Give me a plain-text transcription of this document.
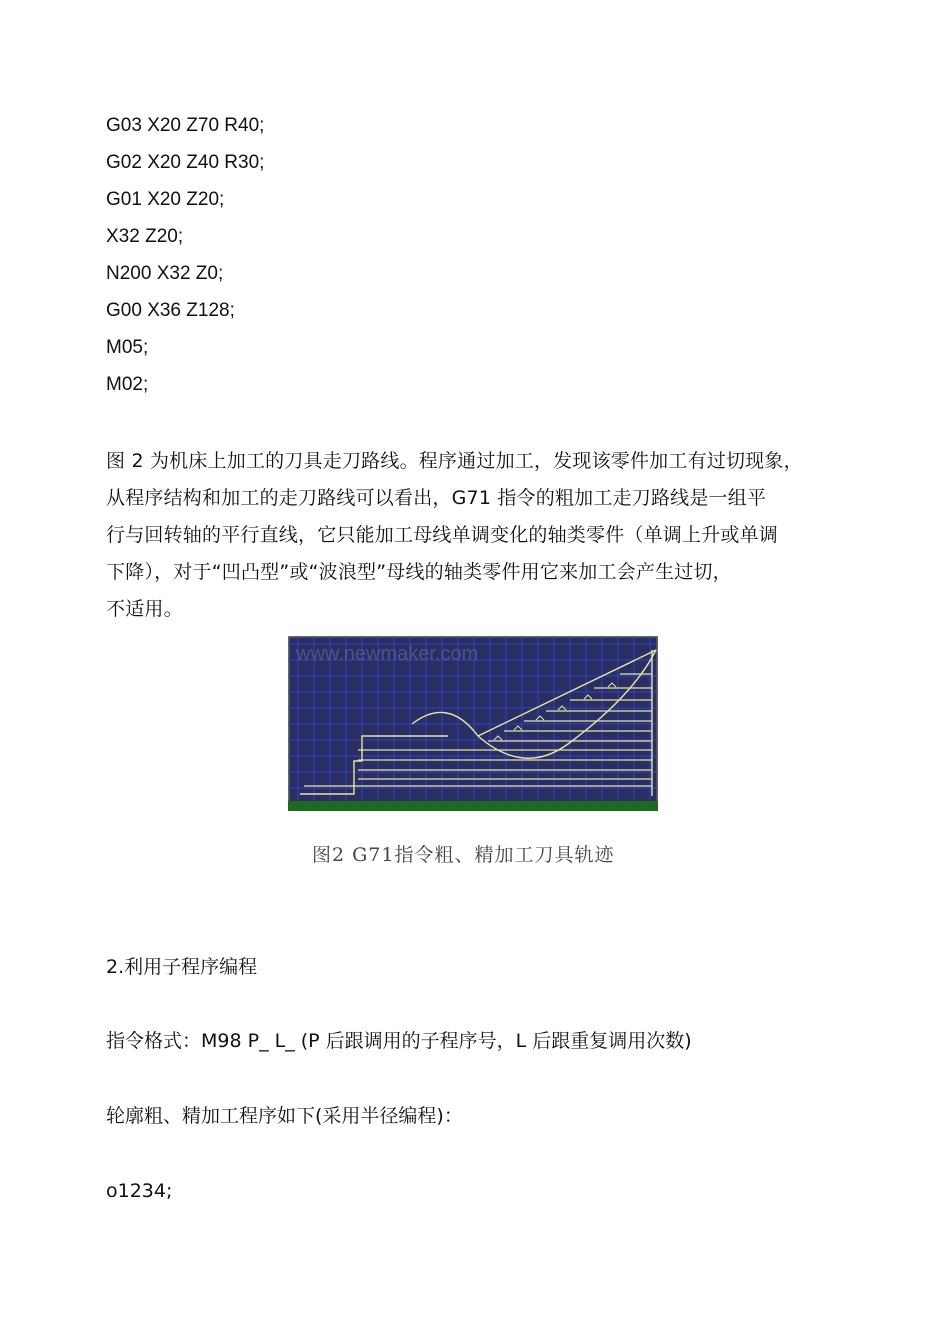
G03 X20 Z70 R40;
G02 X20 Z40 R30;
G01 X20 Z20;
X32 Z20;
N200 X32 Z0;
G00 X36 Z128;
M05;
M02;
图 2 为机床上加工的刀具走刀路线。程序通过加工，发现该零件加工有过切现象，
从程序结构和加工的走刀路线可以看出，G71 指令的粗加工走刀路线是一组平
行与回转轴的平行直线，它只能加工母线单调变化的轴类零件（单调上升或单调
下降），对于“凹凸型”或“波浪型”母线的轴类零件用它来加工会产生过切，
不适用。
www.newmaker.com
图2 G71指令粗、精加工刀具轨迹
2.利用子程序编程
指令格式：M98 P_ L_ (P 后跟调用的子程序号，L 后跟重复调用次数)
轮廓粗、精加工程序如下(采用半径编程)：
o1234;
